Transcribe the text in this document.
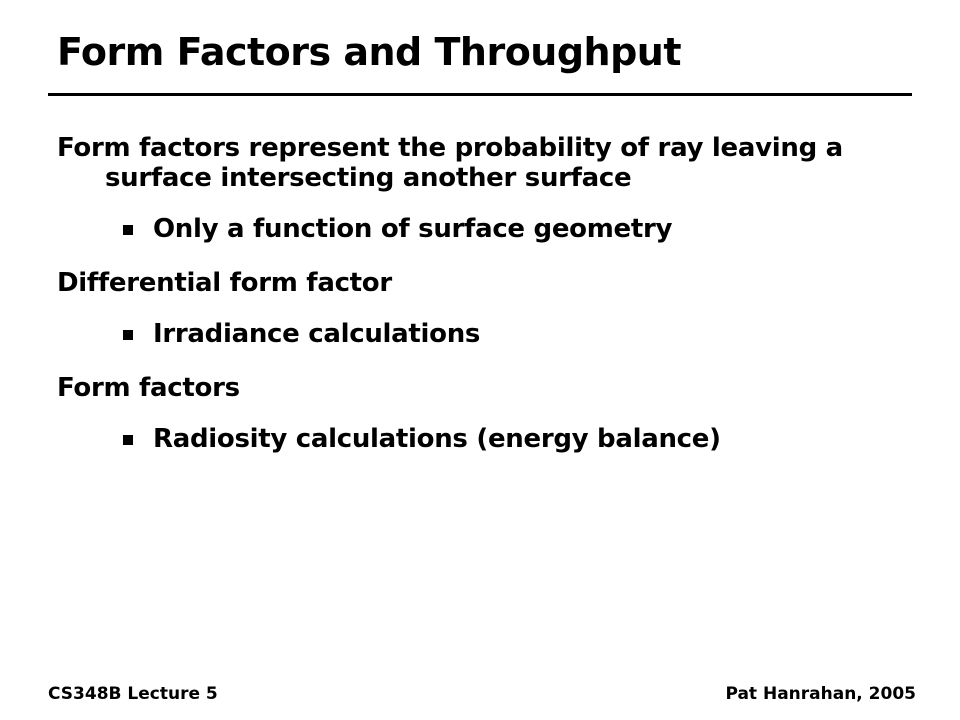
Form Factors and Throughput
Form factors represent the probability of ray leaving a surface intersecting another surface
Only a function of surface geometry
Differential form factor
Irradiance calculations
Form factors
Radiosity calculations (energy balance)
CS348B Lecture 5	Pat Hanrahan, 2005
